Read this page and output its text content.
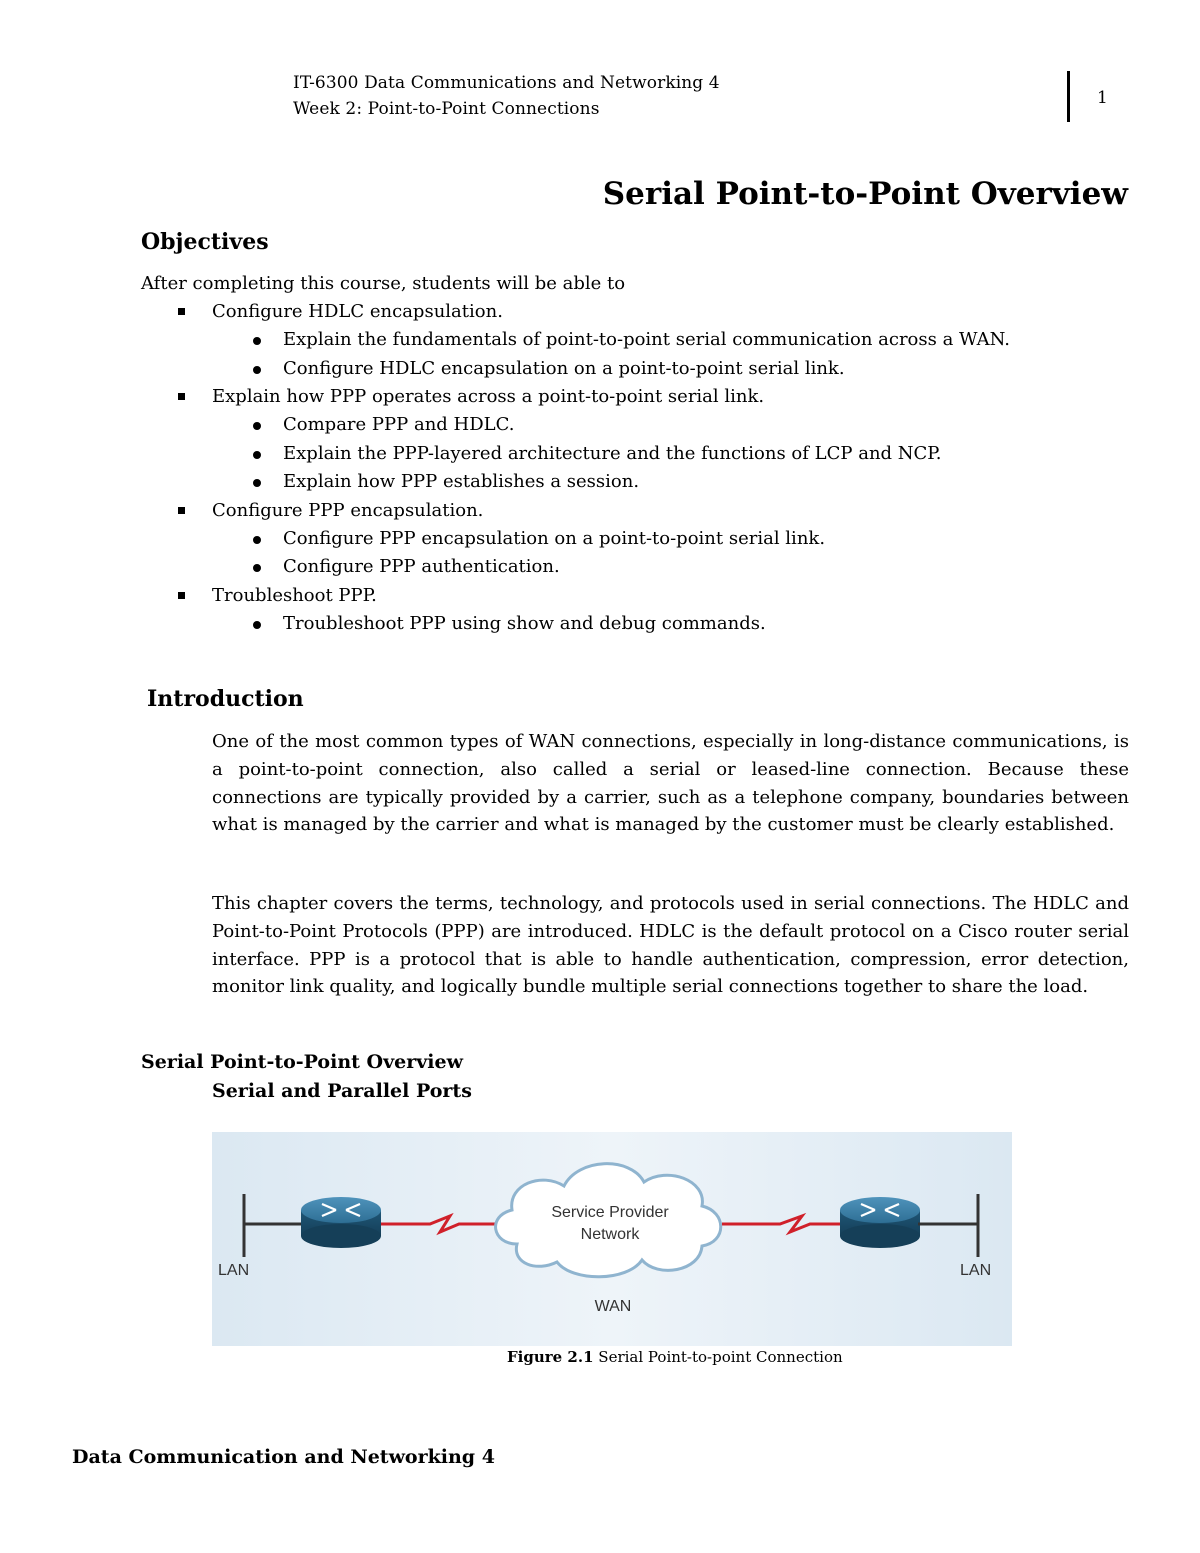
IT-6300 Data Communications and Networking 4
Week 2: Point-to-Point Connections
1
Serial Point-to-Point Overview
Objectives
After completing this course, students will be able to
Configure HDLC encapsulation.
Explain the fundamentals of point-to-point serial communication across a WAN.
Configure HDLC encapsulation on a point-to-point serial link.
Explain how PPP operates across a point-to-point serial link.
Compare PPP and HDLC.
Explain the PPP-layered architecture and the functions of LCP and NCP.
Explain how PPP establishes a session.
Configure PPP encapsulation.
Configure PPP encapsulation on a point-to-point serial link.
Configure PPP authentication.
Troubleshoot PPP.
Troubleshoot PPP using show and debug commands.
Introduction
One of the most common types of WAN connections, especially in long-distance communications, is a point-to-point connection, also called a serial or leased-line connection. Because these connections are typically provided by a carrier, such as a telephone company, boundaries between what is managed by the carrier and what is managed by the customer must be clearly established.
This chapter covers the terms, technology, and protocols used in serial connections. The HDLC and Point-to-Point Protocols (PPP) are introduced. HDLC is the default protocol on a Cisco router serial interface. PPP is a protocol that is able to handle authentication, compression, error detection, monitor link quality, and logically bundle multiple serial connections together to share the load.
Serial Point-to-Point Overview
Serial and Parallel Ports
Service Provider
Network
LAN	LAN
WAN
Figure 2.1 Serial Point-to-point Connection
Data Communication and Networking 4
